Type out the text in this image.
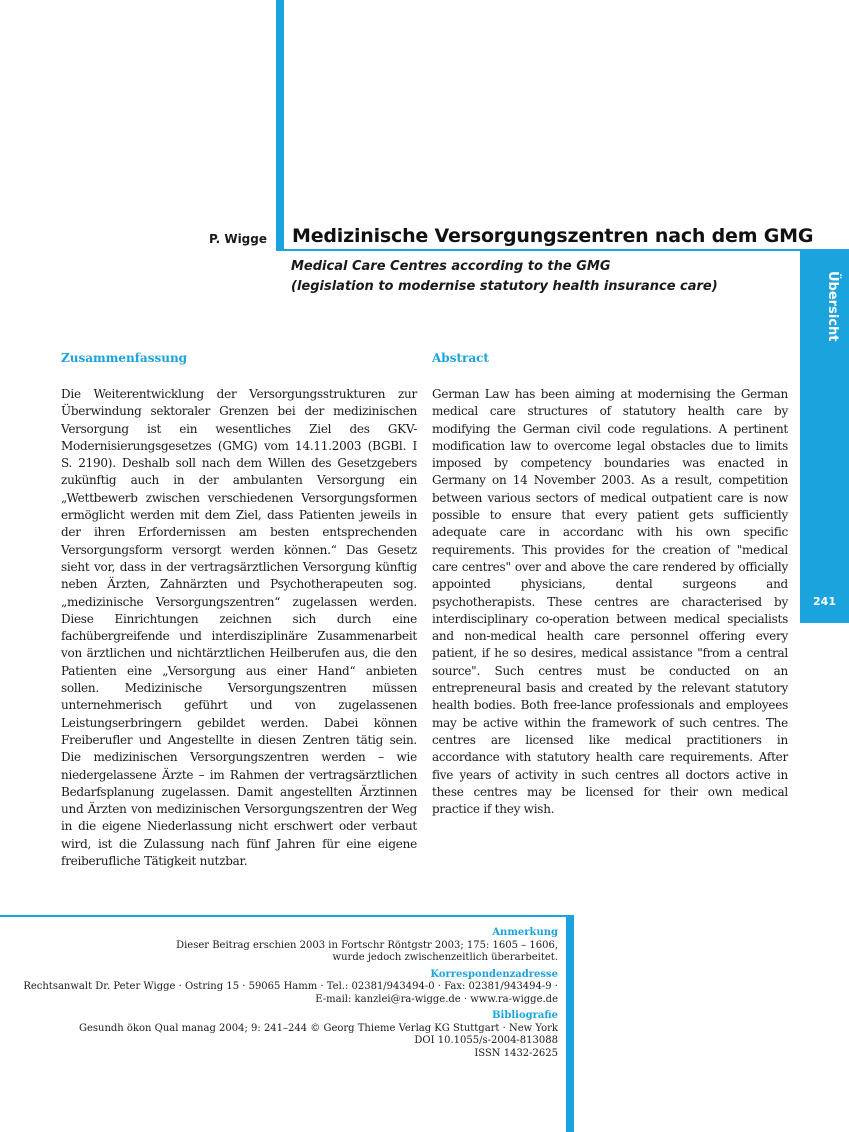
Übersicht
241
P. Wigge Medizinische Versorgungszentren nach dem GMG
Medical Care Centres according to the GMG
(legislation to modernise statutory health insurance care)
Zusammenfassung
Die Weiterentwicklung der Versorgungsstrukturen zur Überwindung sektoraler Grenzen bei der medizinischen Versorgung ist ein wesentliches Ziel des GKV-Modernisierungsgesetzes (GMG) vom 14.11.2003 (BGBl. I S. 2190). Deshalb soll nach dem Willen des Gesetzgebers zukünftig auch in der ambulanten Versorgung ein „Wettbewerb zwischen verschiedenen Versorgungsformen ermöglicht werden mit dem Ziel, dass Patienten jeweils in der ihren Erfordernissen am besten entsprechenden Versorgungsform versorgt werden können.“ Das Gesetz sieht vor, dass in der vertragsärztlichen Versorgung künftig neben Ärzten, Zahnärzten und Psychotherapeuten sog. „medizinische Versorgungszentren“ zugelassen werden. Diese Einrichtungen zeichnen sich durch eine fachübergreifende und interdisziplinäre Zusammenarbeit von ärztlichen und nichtärztlichen Heilberufen aus, die den Patienten eine „Versorgung aus einer Hand“ anbieten sollen. Medizinische Versorgungszentren müssen unternehmerisch geführt und von zugelassenen Leistungserbringern gebildet werden. Dabei können Freiberufler und Angestellte in diesen Zentren tätig sein. Die medizinischen Versorgungszentren werden – wie niedergelassene Ärzte – im Rahmen der vertragsärztlichen Bedarfsplanung zugelassen. Damit angestellten Ärztinnen und Ärzten von medizinischen Versorgungszentren der Weg in die eigene Niederlassung nicht erschwert oder verbaut wird, ist die Zulassung nach fünf Jahren für eine eigene freiberufliche Tätigkeit nutzbar.
Abstract
German Law has been aiming at modernising the German medical care structures of statutory health care by modifying the German civil code regulations. A pertinent modification law to overcome legal obstacles due to limits imposed by competency boundaries was enacted in Germany on 14 November 2003. As a result, competition between various sectors of medical outpatient care is now possible to ensure that every patient gets sufficiently adequate care in accordanc with his own specific requirements. This provides for the creation of "medical care centres" over and above the care rendered by officially appointed physicians, dental surgeons and psychotherapists. These centres are characterised by interdisciplinary co-operation between medical specialists and non-medical health care personnel offering every patient, if he so desires, medical assistance "from a central source". Such centres must be conducted on an entrepreneural basis and created by the relevant statutory health bodies. Both free-lance professionals and employees may be active within the framework of such centres. The centres are licensed like medical practitioners in accordance with statutory health care requirements. After five years of activity in such centres all doctors active in these centres may be licensed for their own medical practice if they wish.
Anmerkung
Dieser Beitrag erschien 2003 in Fortschr Röntgstr 2003; 175: 1605 – 1606,
wurde jedoch zwischenzeitlich überarbeitet.
Korrespondenzadresse
Rechtsanwalt Dr. Peter Wigge · Ostring 15 · 59065 Hamm · Tel.: 02381/943494-0 · Fax: 02381/943494-9 ·
E-mail: kanzlei@ra-wigge.de · www.ra-wigge.de
Bibliografie
Gesundh ökon Qual manag 2004; 9: 241–244 © Georg Thieme Verlag KG Stuttgart · New York
DOI 10.1055/s-2004-813088
ISSN 1432-2625
